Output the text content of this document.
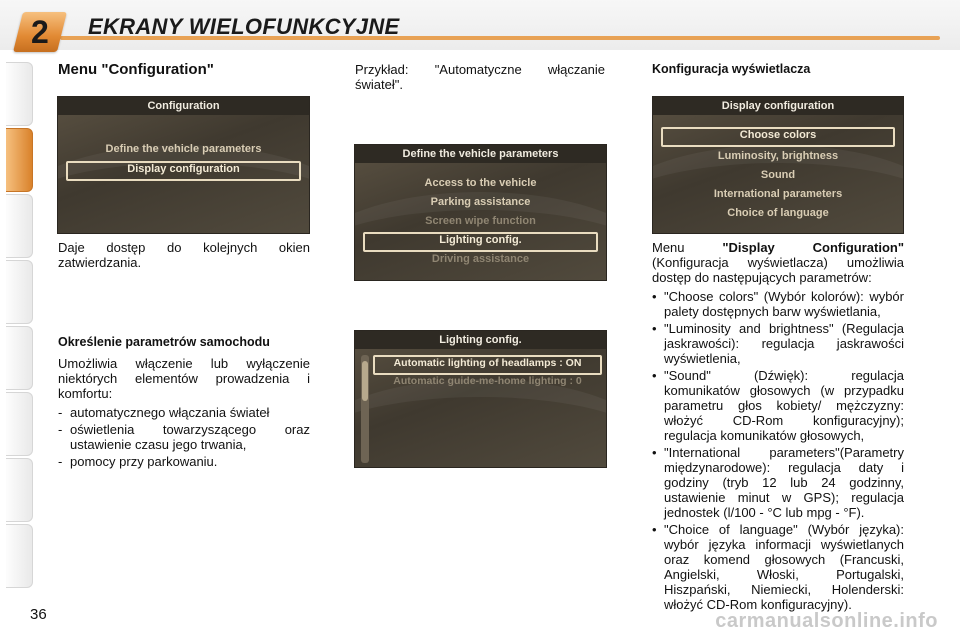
2	EKRANY WIELOFUNKCYJNE

Menu "Configuration"

Configuration
Define the vehicle parameters
Display configuration

Daje dostęp do kolejnych okien zatwierdzania.

Określenie parametrów samochodu

Umożliwia włączenie lub wyłączenie niektórych elementów prowadzenia i komfortu:

- automatycznego włączania świateł
- oświetlenia towarzyszącego oraz ustawienie czasu jego trwania,
- pomocy przy parkowaniu.

Przykład: "Automatyczne włączanie świateł".

Define the vehicle parameters
Access to the vehicle
Parking assistance
Screen wipe function
Lighting config.
Driving assistance
Lighting config.
Automatic lighting of headlamps : ON
Automatic guide-me-home lighting : 0

Konfiguracja wyświetlacza

Display configuration
Choose colors
Luminosity, brightness
Sound
International parameters
Choice of language

Menu	"Display Configuration" (Konfiguracja wyświetlacza) umożliwia dostęp do następujących parametrów:

• "Choose colors" (Wybór kolorów): wybór palety dostępnych barw wyświetlania,
• "Luminosity and brightness" (Regulacja jaskrawości): regulacja jaskrawości wyświetlenia,
• "Sound" (Dźwięk): regulacja komunikatów głosowych (w przypadku parametru głos kobiety/ mężczyzny: włożyć CD-Rom konfiguracyjny); regulacja komunikatów głosowych,
• "International parameters"(Parametry międzynarodowe): regulacja daty i godziny (tryb 12 lub 24 godzinny, ustawienie minut w GPS); regulacja jednostek (l/100 - °C lub mpg - °F).
• "Choice of language" (Wybór języka): wybór języka informacji wyświetlanych oraz komend głosowych (Francuski, Angielski, Włoski, Portugalski, Hiszpański, Niemiecki, Holenderski: włożyć CD-Rom konfiguracyjny).
36	carmanualsonline.info
